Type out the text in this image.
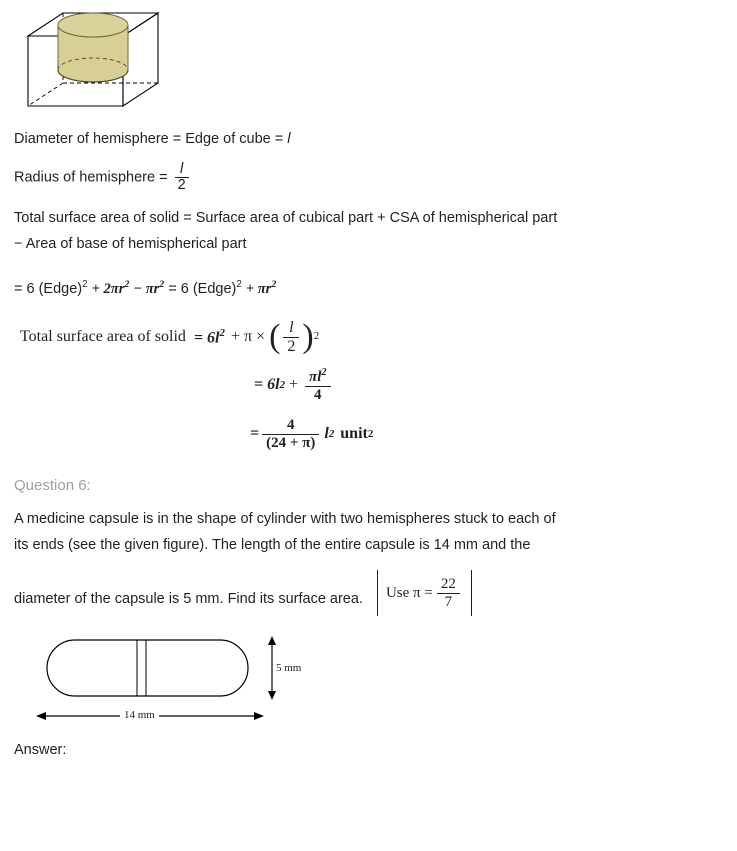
Diameter of hemisphere = Edge of cube = l

Radius of hemisphere = $\frac{l}{2}$

Total surface area of solid = Surface area of cubical part + CSA of hemispherical part

− Area of base of hemispherical part

= 6 (Edge)$^2$ + $2\pi r^2 - \pi r^2 = 6$ (Edge)$^2$ + $\pi r^2$

Total surface area of solid = $6l^2 + \pi$ × ( l
2 ) 2
= 6 l $2 + \frac{\pi l^2}{4}$
= $\frac{4}{(24 + \pi)}$ l 2 unit 2
Question 6:

A medicine capsule is in the shape of cylinder with two hemispheres stuck to each of

its ends (see the given figure). The length of the entire capsule is 14 mm and the

diameter of the capsule is 5 mm. Find its surface area. Use $\pi = \frac{22}{7}$
5 mm
14 mm
Answer:
